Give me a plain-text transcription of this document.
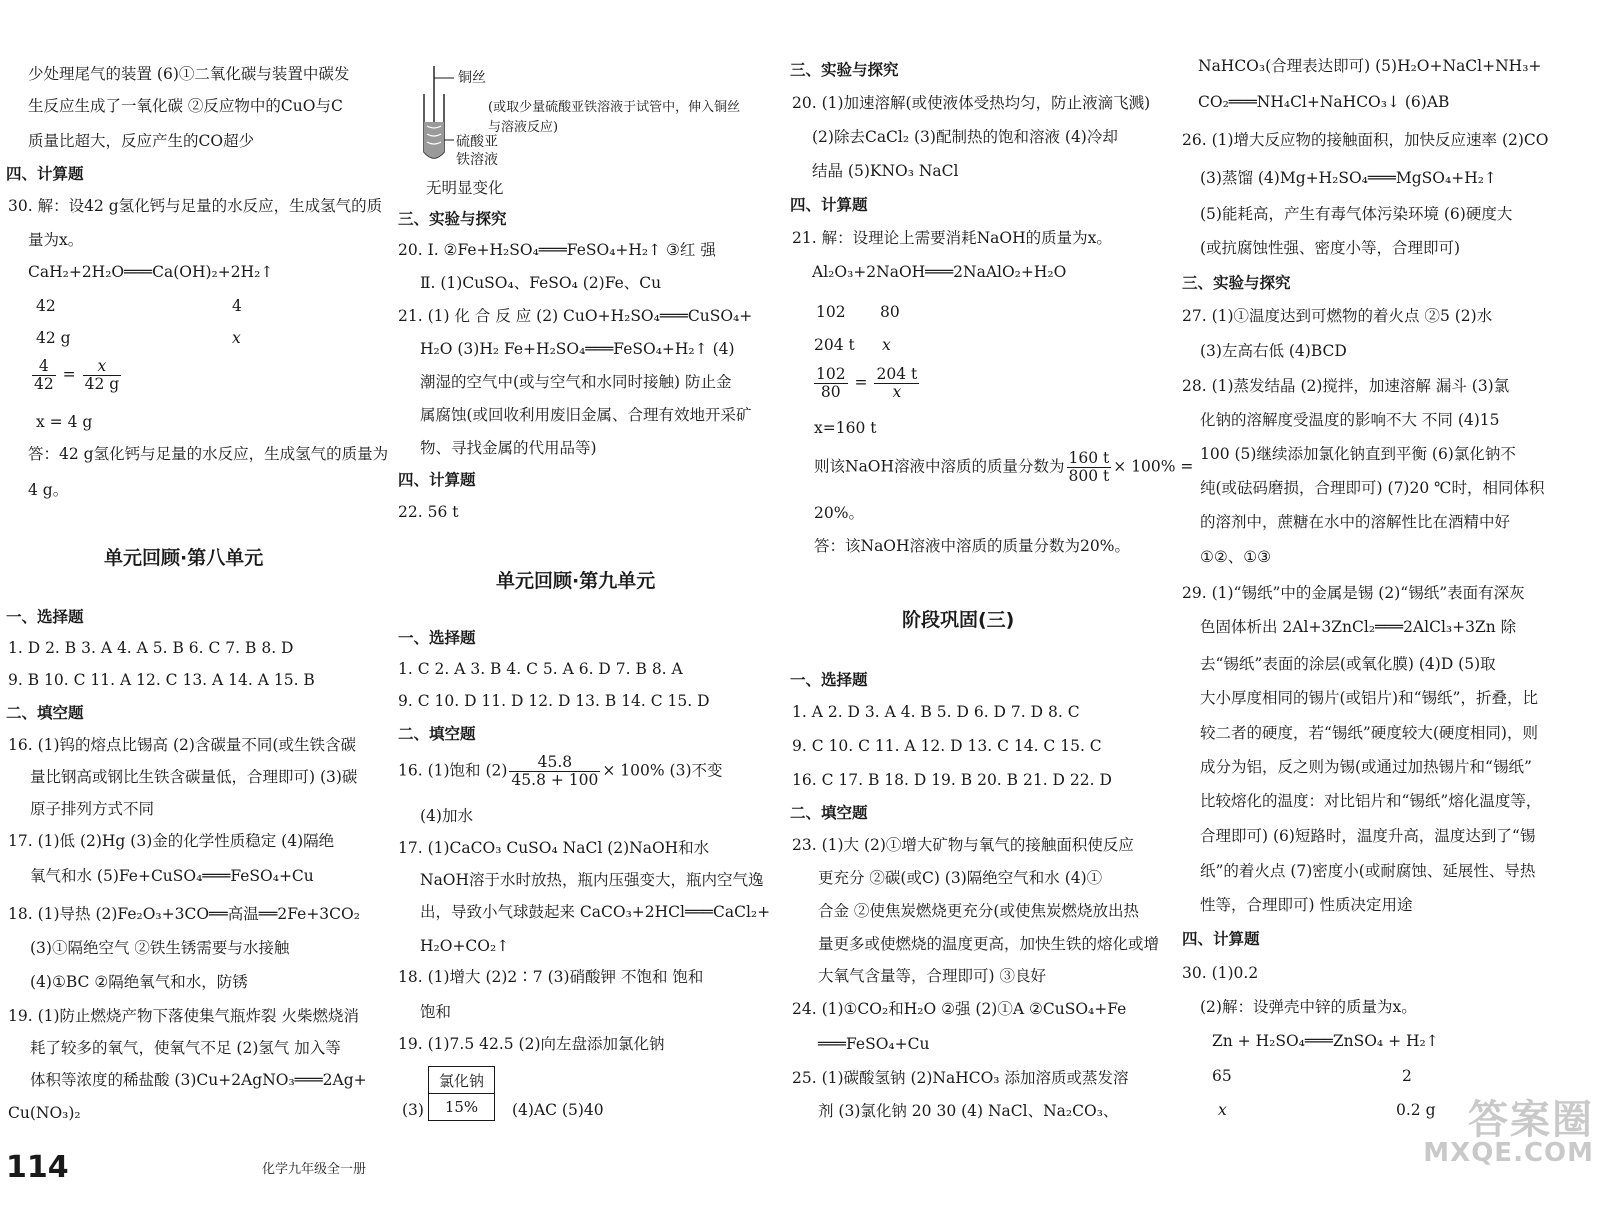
少处理尾气的装置 (6)①二氧化碳与装置中碳发
生反应生成了一氧化碳 ②反应物中的CuO与C
质量比超大，反应产生的CO超少
四、计算题
30. 解：设42 g氢化钙与足量的水反应，生成氢气的质
量为x。
CaH₂+2H₂O═══Ca(OH)₂+2H₂↑
42	4
42 g	x
$\frac{4}{42} = \frac{x}{42 g}$
x = 4 g
答：42 g氢化钙与足量的水反应，生成氢气的质量为
4 g。
单元回顾·第八单元
一、选择题
1. D 2. B 3. A 4. A 5. B 6. C 7. B 8. D
9. B 10. C 11. A 12. C 13. A 14. A 15. B
二、填空题
16. (1)钨的熔点比锡高 (2)含碳量不同(或生铁含碳
量比钢高或钢比生铁含碳量低，合理即可) (3)碳
原子排列方式不同
17. (1)低 (2)Hg (3)金的化学性质稳定 (4)隔绝
氧气和水 (5)Fe+CuSO₄═══FeSO₄+Cu
18. (1)导热 (2)Fe₂O₃+3CO══高温══2Fe+3CO₂
(3)①隔绝空气 ②铁生锈需要与水接触
(4)①BC ②隔绝氧气和水，防锈
19. (1)防止燃烧产物下落使集气瓶炸裂 火柴燃烧消
耗了较多的氧气，使氧气不足 (2)氢气 加入等
体积等浓度的稀盐酸 (3)Cu+2AgNO₃═══2Ag+
Cu(NO₃)₂
铜丝
(或取少量硫酸亚铁溶液于试管中，伸入铜丝
与溶液反应)
硫酸亚
铁溶液
无明显变化
三、实验与探究
20. Ⅰ. ②Fe+H₂SO₄═══FeSO₄+H₂↑ ③红 强
Ⅱ. (1)CuSO₄、FeSO₄ (2)Fe、Cu
21. (1) 化 合 反 应 (2) CuO+H₂SO₄═══CuSO₄+
H₂O (3)H₂ Fe+H₂SO₄═══FeSO₄+H₂↑ (4)
潮湿的空气中(或与空气和水同时接触) 防止金
属腐蚀(或回收利用废旧金属、合理有效地开采矿
物、寻找金属的代用品等)
四、计算题
22. 56 t
单元回顾·第九单元
一、选择题
1. C 2. A 3. B 4. C 5. A 6. D 7. B 8. A
9. C 10. D 11. D 12. D 13. B 14. C 15. D
二、填空题
16. (1)饱和 $(2) \frac{45.8}{45.8 + 100} \times 100\%$ (3)不变
(4)加水
17. (1)CaCO₃ CuSO₄ NaCl (2)NaOH和水
NaOH溶于水时放热，瓶内压强变大，瓶内空气逸
出，导致小气球鼓起来 CaCO₃+2HCl═══CaCl₂+
H₂O+CO₂↑
18. (1)增大 (2)2∶7 (3)硝酸钾 不饱和 饱和
饱和
19. (1)7.5 42.5 (2)向左盘添加氯化钠
(3)
氯化钠
15% (4)AC (5)40
三、实验与探究
20. (1)加速溶解(或使液体受热均匀，防止液滴飞溅)
(2)除去CaCl₂ (3)配制热的饱和溶液 (4)冷却
结晶 (5)KNO₃ NaCl
四、计算题
21. 解：设理论上需要消耗NaOH的质量为x。
Al₂O₃+2NaOH═══2NaAlO₂+H₂O
102 80
204 t x
$\frac{102}{80} = \frac{204 t}{x}$
x=160 t
则该NaOH溶液中溶质的质量分数为 $\frac{160 t}{800 t} \times 100\%$ =
20%。
答：该NaOH溶液中溶质的质量分数为20%。
阶段巩固(三)
一、选择题
1. A 2. D 3. A 4. B 5. D 6. D 7. D 8. C
9. C 10. C 11. A 12. D 13. C 14. C 15. C
16. C 17. B 18. D 19. B 20. B 21. D 22. D
二、填空题
23. (1)大 (2)①增大矿物与氧气的接触面积使反应
更充分 ②碳(或C) (3)隔绝空气和水 (4)①
合金 ②使焦炭燃烧更充分(或使焦炭燃烧放出热
量更多或使燃烧的温度更高，加快生铁的熔化或增
大氧气含量等，合理即可) ③良好
24. (1)①CO₂和H₂O ②强 (2)①A ②CuSO₄+Fe
═══FeSO₄+Cu
25. (1)碳酸氢钠 (2)NaHCO₃ 添加溶质或蒸发溶
剂 (3)氯化钠 20 30 (4) NaCl、Na₂CO₃、
NaHCO₃(合理表达即可) (5)H₂O+NaCl+NH₃+
CO₂═══NH₄Cl+NaHCO₃↓ (6)AB
26. (1)增大反应物的接触面积，加快反应速率 (2)CO
(3)蒸馏 (4)Mg+H₂SO₄═══MgSO₄+H₂↑
(5)能耗高，产生有毒气体污染环境 (6)硬度大
(或抗腐蚀性强、密度小等，合理即可)
三、实验与探究
27. (1)①温度达到可燃物的着火点 ②5 (2)水
(3)左高右低 (4)BCD
28. (1)蒸发结晶 (2)搅拌，加速溶解 漏斗 (3)氯
化钠的溶解度受温度的影响不大 不同 (4)15
100 (5)继续添加氯化钠直到平衡 (6)氯化钠不
纯(或砝码磨损，合理即可) (7)20 ℃时，相同体积
的溶剂中，蔗糖在水中的溶解性比在酒精中好
①②、①③
29. (1)“锡纸”中的金属是锡 (2)“锡纸”表面有深灰
色固体析出 2Al+3ZnCl₂═══2AlCl₃+3Zn 除
去“锡纸”表面的涂层(或氧化膜) (4)D (5)取
大小厚度相同的锡片(或铝片)和“锡纸”，折叠，比
较二者的硬度，若“锡纸”硬度较大(硬度相同)，则
成分为铝，反之则为锡(或通过加热锡片和“锡纸”
比较熔化的温度：对比铝片和“锡纸”熔化温度等，
合理即可) (6)短路时，温度升高，温度达到了“锡
纸”的着火点 (7)密度小(或耐腐蚀、延展性、导热
性等，合理即可) 性质决定用途
四、计算题
30. (1)0.2
(2)解：设弹壳中锌的质量为x。
Zn + H₂SO₄═══ZnSO₄ + H₂↑
65	2
x	0.2 g
114	化学九年级全一册
答案圈
MXQE.COM
